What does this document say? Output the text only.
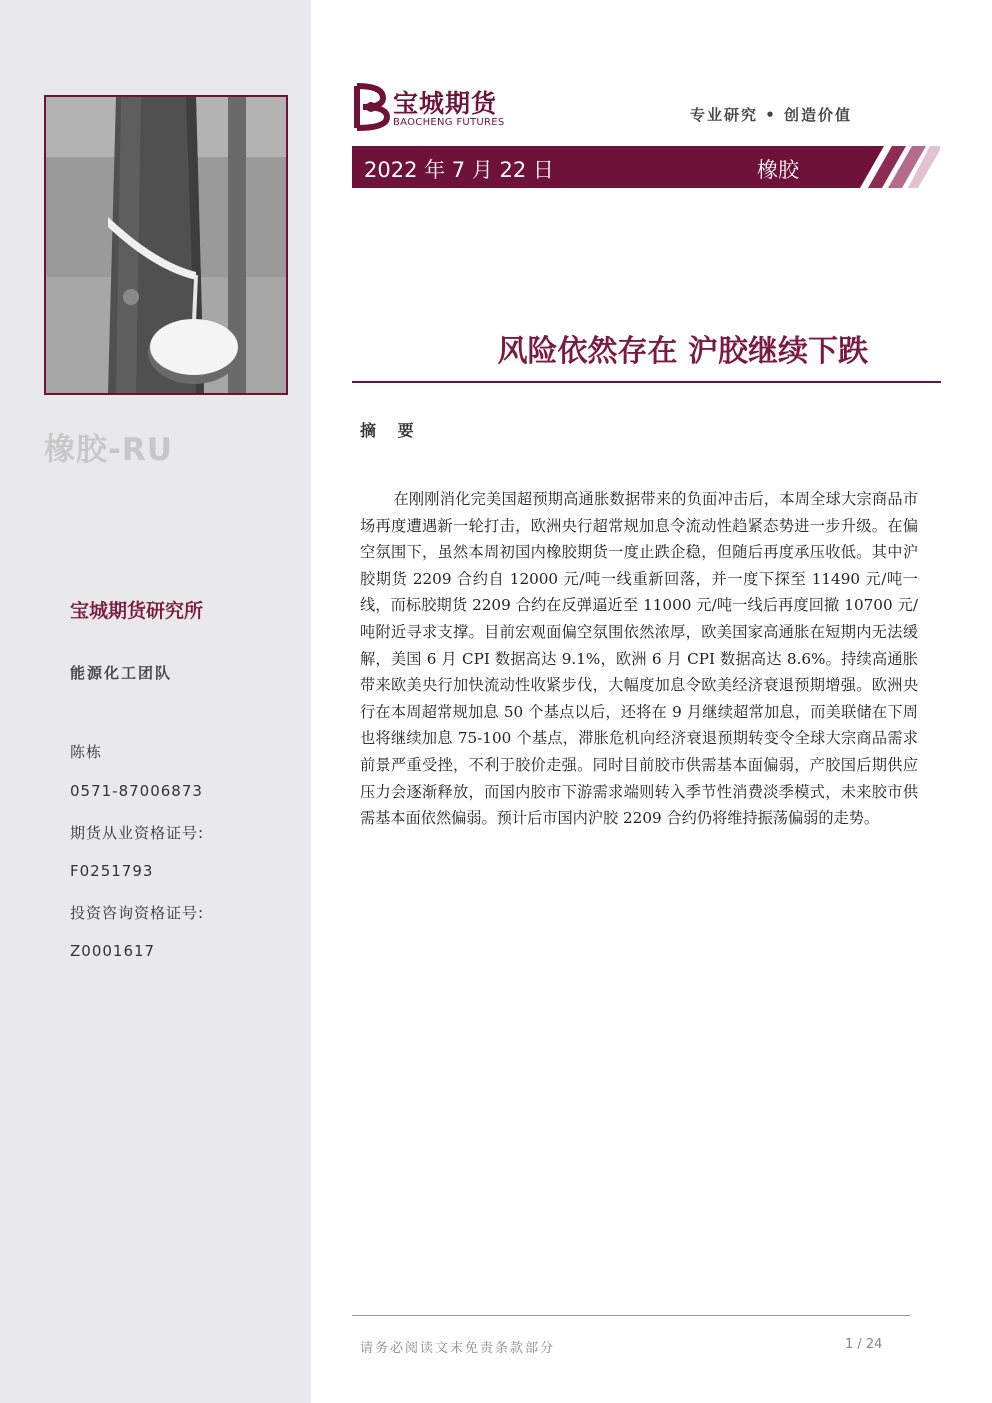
橡胶-RU
宝城期货研究所
能源化工团队
陈栋
0571-87006873
期货从业资格证号:
F0251793
投资咨询资格证号:
Z0001617
宝城期货
BAOCHENG FUTURES	专业研究 • 创造价值
2022 年 7 月 22 日	橡胶
风险依然存在 沪胶继续下跌
摘 要

在刚刚消化完美国超预期高通胀数据带来的负面冲击后，本周全球大宗商品市场再度遭遇新一轮打击，欧洲央行超常规加息令流动性趋紧态势进一步升级。在偏空氛围下，虽然本周初国内橡胶期货一度止跌企稳，但随后再度承压收低。其中沪胶期货 2209 合约自 12000 元/吨一线重新回落，并一度下探至 11490 元/吨一线，而标胶期货 2209 合约在反弹逼近至 11000 元/吨一线后再度回撤 10700 元/吨附近寻求支撑。目前宏观面偏空氛围依然浓厚，欧美国家高通胀在短期内无法缓解，美国 6 月 CPI 数据高达 9.1%，欧洲 6 月 CPI 数据高达 8.6%。持续高通胀带来欧美央行加快流动性收紧步伐，大幅度加息令欧美经济衰退预期增强。欧洲央行在本周超常规加息 50 个基点以后，还将在 9 月继续超常加息，而美联储在下周也将继续加息 75-100 个基点，滞胀危机向经济衰退预期转变令全球大宗商品需求前景严重受挫，不利于胶价走强。同时目前胶市供需基本面偏弱，产胶国后期供应压力会逐渐释放，而国内胶市下游需求端则转入季节性消费淡季模式，未来胶市供需基本面依然偏弱。预计后市国内沪胶 2209 合约仍将维持振荡偏弱的走势。

请务必阅读文末免责条款部分	1 / 24
